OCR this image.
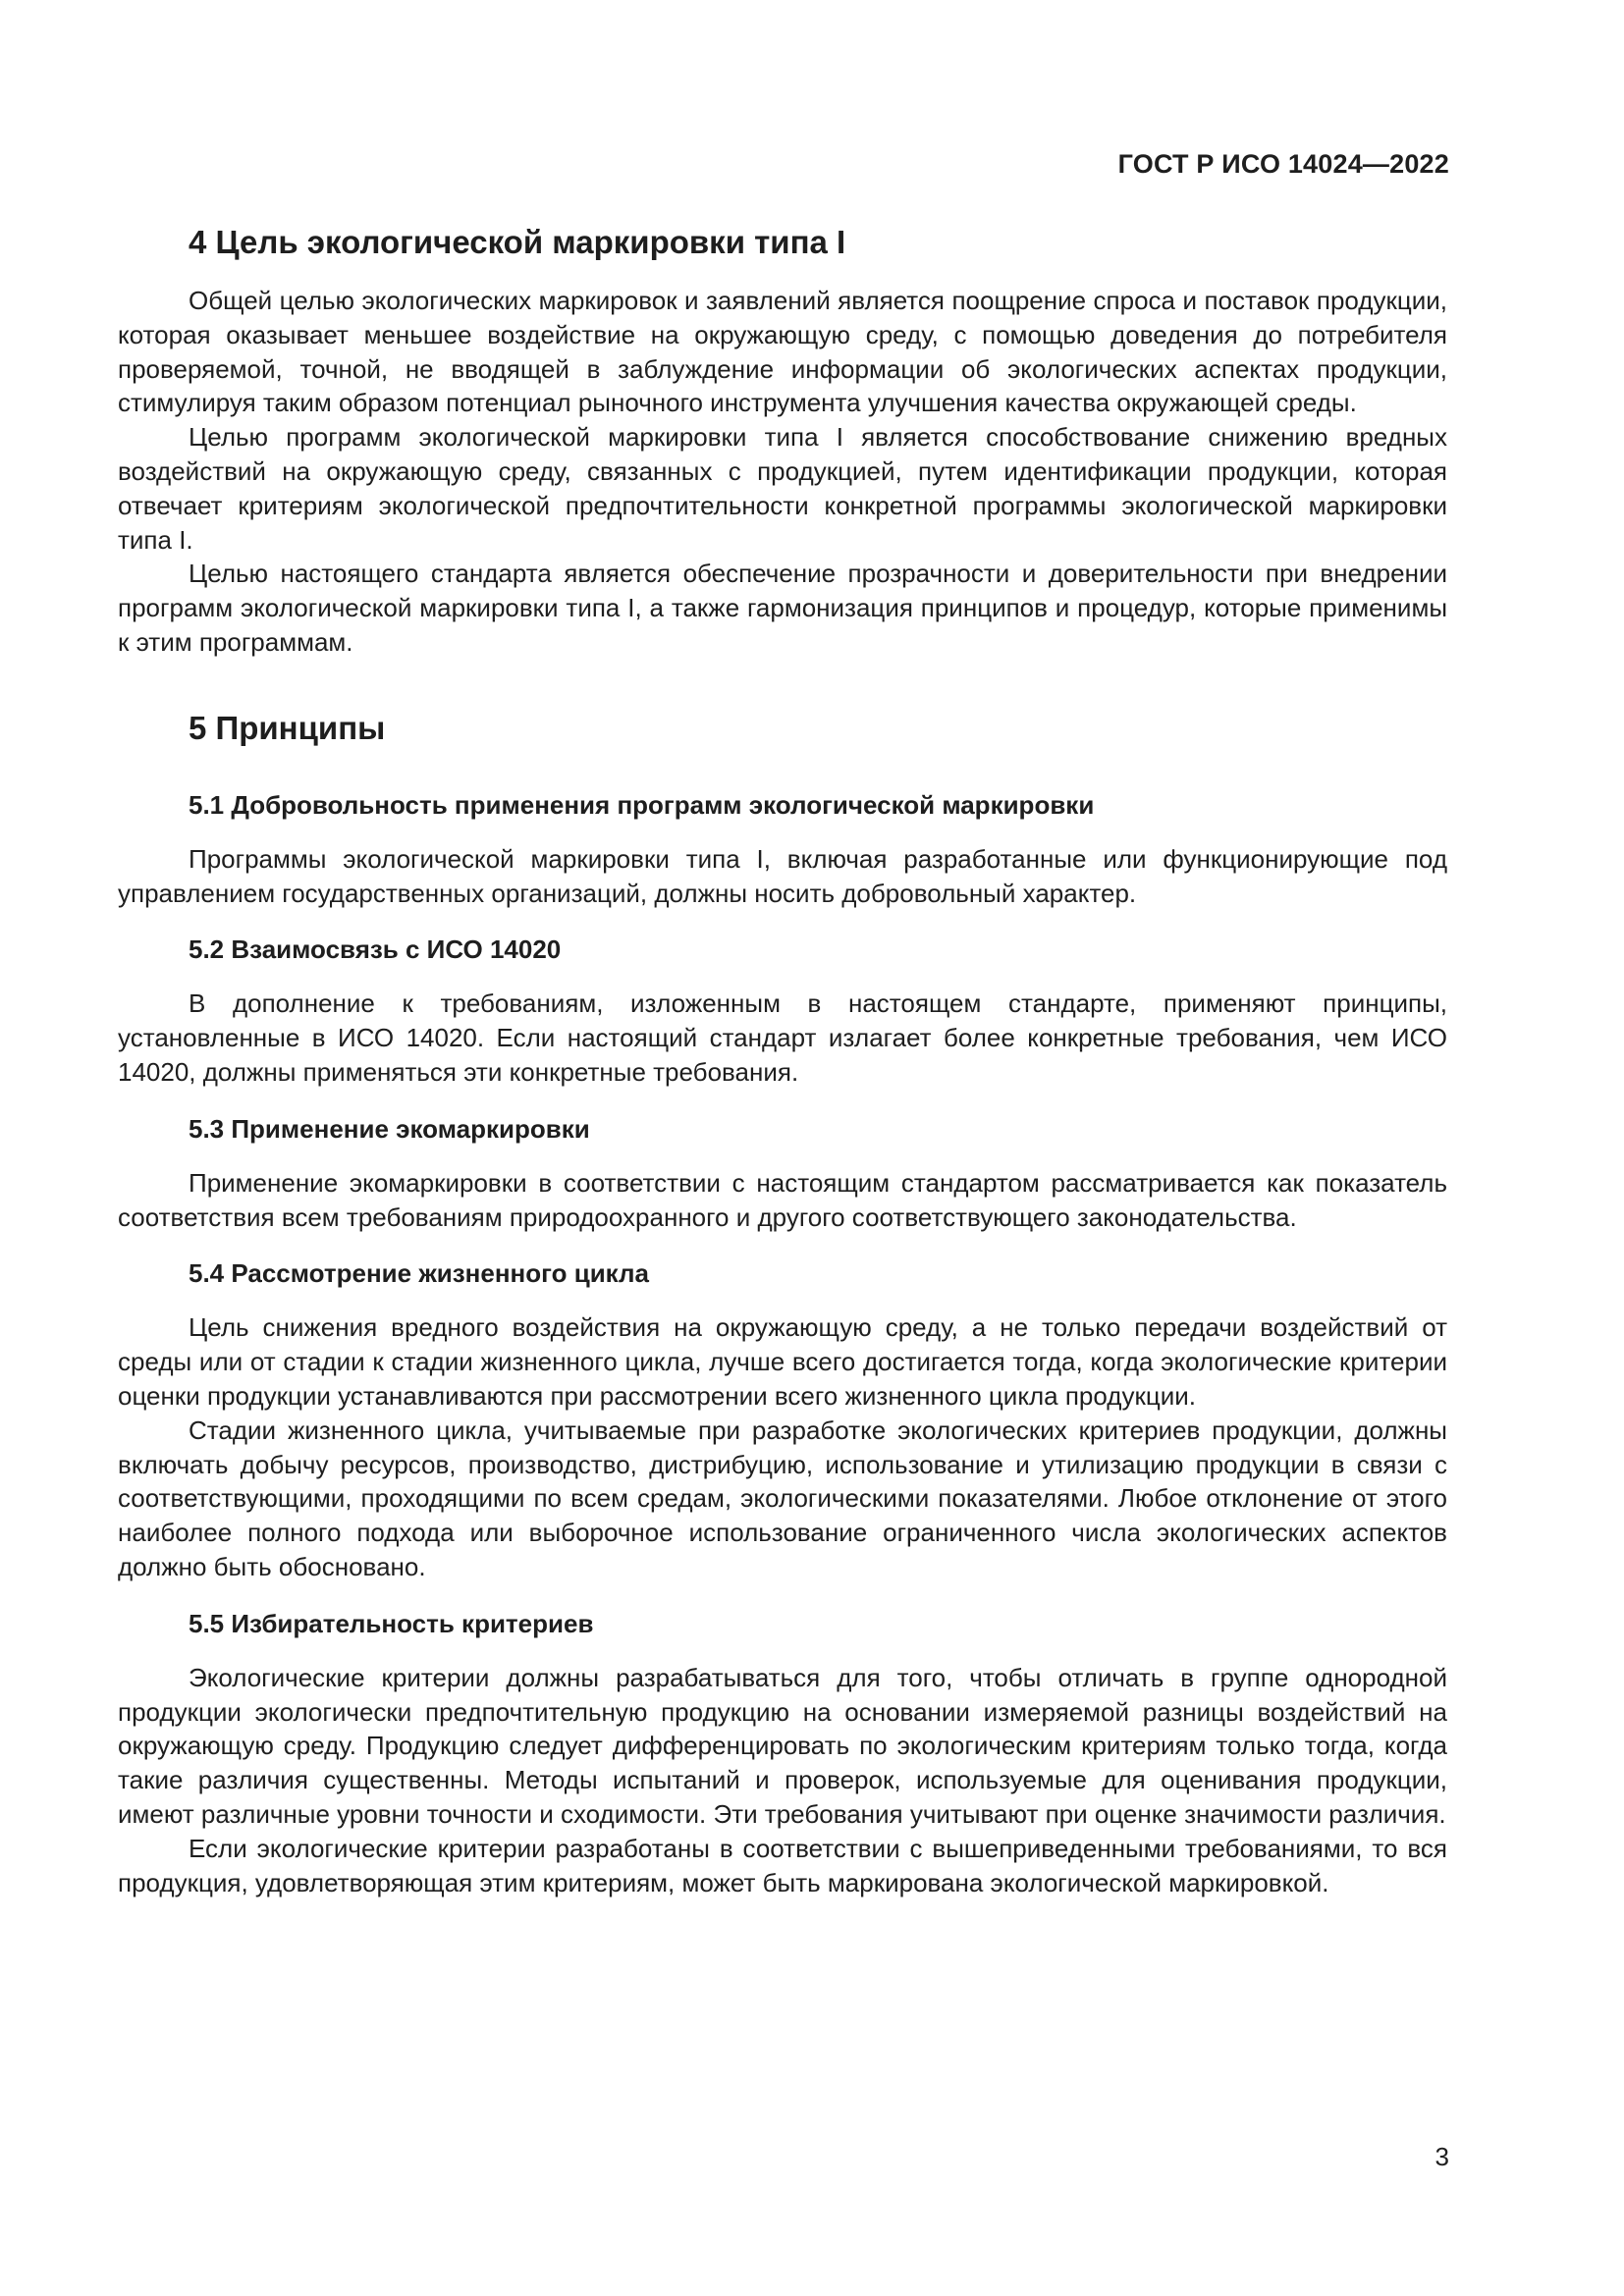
ГОСТ Р ИСО 14024—2022

4 Цель экологической маркировки типа I

Общей целью экологических маркировок и заявлений является поощрение спроса и поставок продукции, которая оказывает меньшее воздействие на окружающую среду, с помощью доведения до потребителя проверяемой, точной, не вводящей в заблуждение информации об экологических аспектах продукции, стимулируя таким образом потенциал рыночного инструмента улучшения качества окружающей среды.

Целью программ экологической маркировки типа I является способствование снижению вредных воздействий на окружающую среду, связанных с продукцией, путем идентификации продукции, которая отвечает критериям экологической предпочтительности конкретной программы экологической маркировки типа I.

Целью настоящего стандарта является обеспечение прозрачности и доверительности при внедрении программ экологической маркировки типа I, а также гармонизация принципов и процедур, которые применимы к этим программам.

5 Принципы
5.1 Добровольность применения программ экологической маркировки

Программы экологической маркировки типа I, включая разработанные или функционирующие под управлением государственных организаций, должны носить добровольный характер.

5.2 Взаимосвязь с ИСО 14020

В дополнение к требованиям, изложенным в настоящем стандарте, применяют принципы, установленные в ИСО 14020. Если настоящий стандарт излагает более конкретные требования, чем ИСО 14020, должны применяться эти конкретные требования.

5.3 Применение экомаркировки

Применение экомаркировки в соответствии с настоящим стандартом рассматривается как показатель соответствия всем требованиям природоохранного и другого соответствующего законодательства.

5.4 Рассмотрение жизненного цикла

Цель снижения вредного воздействия на окружающую среду, а не только передачи воздействий от среды или от стадии к стадии жизненного цикла, лучше всего достигается тогда, когда экологические критерии оценки продукции устанавливаются при рассмотрении всего жизненного цикла продукции.

Стадии жизненного цикла, учитываемые при разработке экологических критериев продукции, должны включать добычу ресурсов, производство, дистрибуцию, использование и утилизацию продукции в связи с соответствующими, проходящими по всем средам, экологическими показателями. Любое отклонение от этого наиболее полного подхода или выборочное использование ограниченного числа экологических аспектов должно быть обосновано.

5.5 Избирательность критериев

Экологические критерии должны разрабатываться для того, чтобы отличать в группе однородной продукции экологически предпочтительную продукцию на основании измеряемой разницы воздействий на окружающую среду. Продукцию следует дифференцировать по экологическим критериям только тогда, когда такие различия существенны. Методы испытаний и проверок, используемые для оценивания продукции, имеют различные уровни точности и сходимости. Эти требования учитывают при оценке значимости различия.

Если экологические критерии разработаны в соответствии с вышеприведенными требованиями, то вся продукция, удовлетворяющая этим критериям, может быть маркирована экологической маркировкой.

3
